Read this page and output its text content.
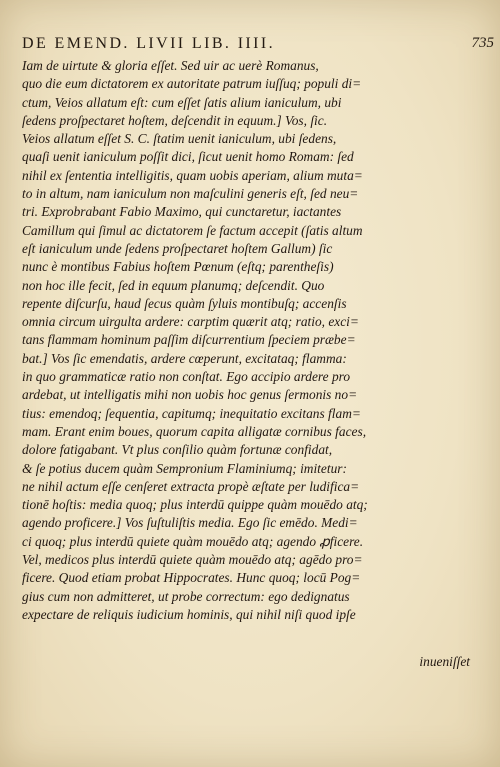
DE EMEND. LIVII LIB. IIII.	735
Iam de uirtute & gloria eſſet. Sed uir ac uerè Romanus,
quo die eum dictatorem ex autoritate patrum iuſſuq; populi di=
ctum, Veios allatum eſt: cum eſſet ſatis alium ianiculum, ubi
ſedens proſpectaret hoſtem, deſcendit in equum.] Vos, ſic.
Veios allatum eſſet S. C. ſtatim uenit ianiculum, ubi ſedens,
quaſi uenit ianiculum poſſit dici, ſicut uenit homo Romam: ſed
nihil ex ſententia intelligitis, quam uobis aperiam, alium muta=
to in altum, nam ianiculum non maſculini generis eſt, ſed neu=
tri. Exprobrabant Fabio Maximo, qui cunctaretur, iactantes
Camillum qui ſimul ac dictatorem ſe factum accepit (ſatis altum
eſt ianiculum unde ſedens proſpectaret hoſtem Gallum) ſic
nunc è montibus Fabius hoſtem Pœnum (eſtq; parentheſis)
non hoc ille fecit, ſed in equum planumq; deſcendit. Quo
repente diſcurſu, haud ſecus quàm ſyluis montibuſq; accenſis
omnia circum uirgulta ardere: carptim quærit atq; ratio, exci=
tans flammam hominum paſſim diſcurrentium ſpeciem præbe=
bat.] Vos ſic emendatis, ardere cœperunt, excitataq; flamma:
in quo grammaticæ ratio non conſtat. Ego accipio ardere pro
ardebat, ut intelligatis mihi non uobis hoc genus ſermonis no=
tius: emendoq; ſequentia, capitumq; inequitatio excitans flam=
mam. Erant enim boues, quorum capita alligatæ cornibus faces,
dolore fatigabant. Vt plus conſilio quàm fortunæ confidat,
& ſe potius ducem quàm Sempronium Flaminiumq; imitetur:
ne nihil actum eſſe cenſeret extracta propè æſtate per ludifica=
tionē hoſtis: media quoq; plus interdū quippe quàm mouēdo atq;
agendo proficere.] Vos ſuſtuliſtis media. Ego ſic emēdo. Medi=
ci quoq; plus interdū quiete quàm mouēdo atq; agendo ꝓficere.
Vel, medicos plus interdū quiete quàm mouēdo atq; agēdo pro=
ficere. Quod etiam probat Hippocrates. Hunc quoq; locū Pog=
gius cum non admitteret, ut probe correctum: ego dedignatus
expectare de reliquis iudicium hominis, qui nihil niſi quod ipſe
inueniſſet
